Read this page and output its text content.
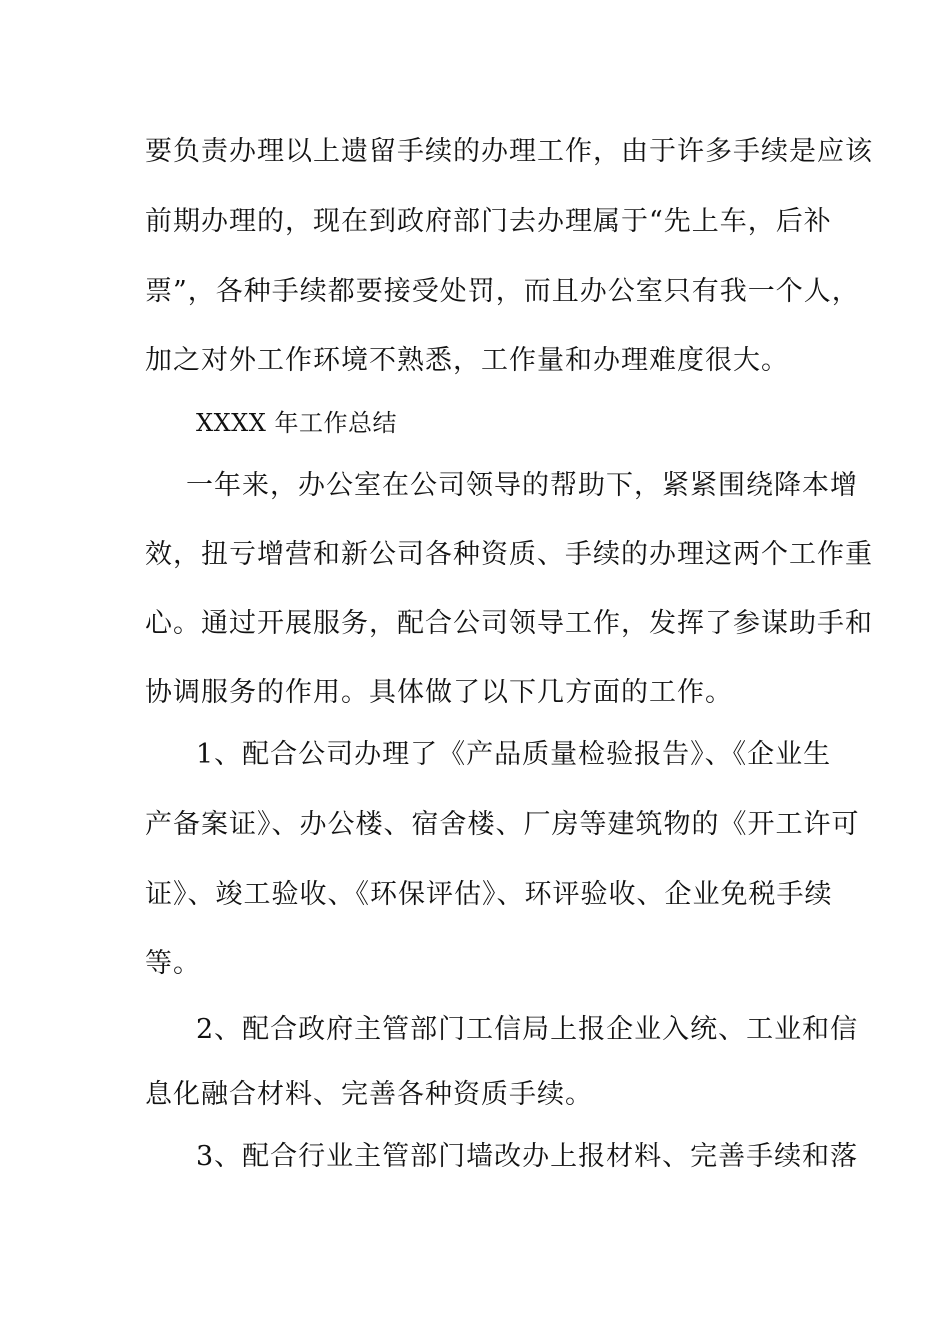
要负责办理以上遗留手续的办理工作，由于许多手续是应该
前期办理的，现在到政府部门去办理属于“先上车，后补
票”，各种手续都要接受处罚，而且办公室只有我一个人，
加之对外工作环境不熟悉，工作量和办理难度很大。
XXXX 年工作总结
一年来，办公室在公司领导的帮助下，紧紧围绕降本增
效，扭亏增营和新公司各种资质、手续的办理这两个工作重
心。通过开展服务，配合公司领导工作，发挥了参谋助手和
协调服务的作用。具体做了以下几方面的工作。
1、配合公司办理了《产品质量检验报告》、《企业生
产备案证》、办公楼、宿舍楼、厂房等建筑物的《开工许可
证》、竣工验收、《环保评估》、环评验收、企业免税手续
等。
2、配合政府主管部门工信局上报企业入统、工业和信
息化融合材料、完善各种资质手续。
3、配合行业主管部门墙改办上报材料、完善手续和落
